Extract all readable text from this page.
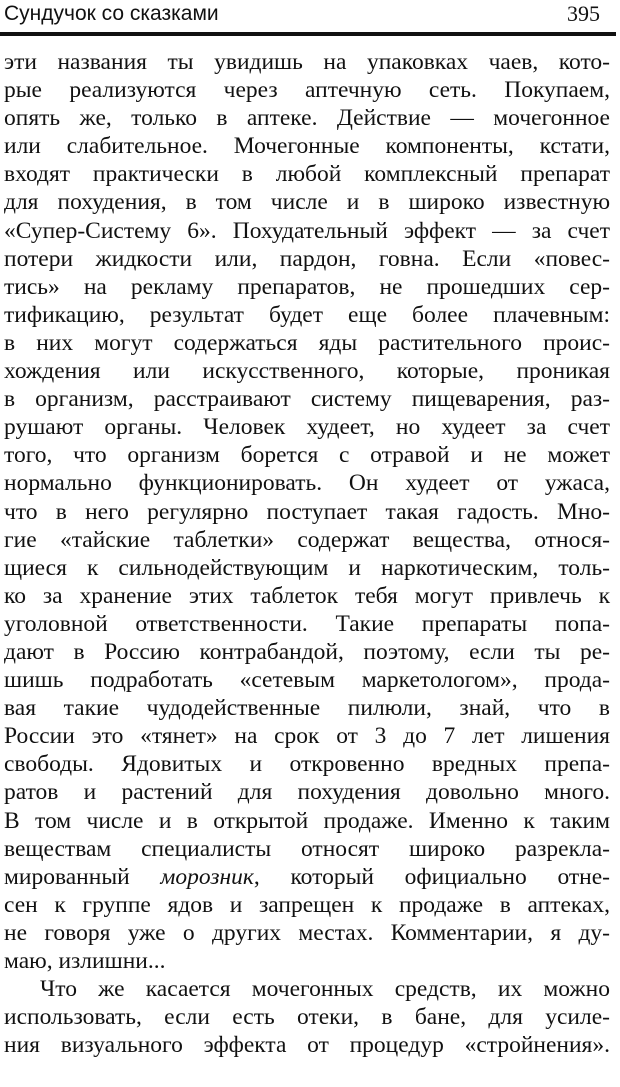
Сундучок со сказками	395
эти названия ты увидишь на упаковках чаев, кото-
рые реализуются через аптечную сеть. Покупаем,
опять же, только в аптеке. Действие — мочегонное
или слабительное. Мочегонные компоненты, кстати,
входят практически в любой комплексный препарат
для похудения, в том числе и в широко известную
«Супер-Систему 6». Похудательный эффект — за счет
потери жидкости или, пардон, говна. Если «повес-
тись» на рекламу препаратов, не прошедших сер-
тификацию, результат будет еще более плачевным:
в них могут содержаться яды растительного проис-
хождения или искусственного, которые, проникая
в организм, расстраивают систему пищеварения, раз-
рушают органы. Человек худеет, но худеет за счет
того, что организм борется с отравой и не может
нормально функционировать. Он худеет от ужаса,
что в него регулярно поступает такая гадость. Мно-
гие «тайские таблетки» содержат вещества, относя-
щиеся к сильнодействующим и наркотическим, толь-
ко за хранение этих таблеток тебя могут привлечь к
уголовной ответственности. Такие препараты попа-
дают в Россию контрабандой, поэтому, если ты ре-
шишь подработать «сетевым маркетологом», прода-
вая такие чудодейственные пилюли, знай, что в
России это «тянет» на срок от 3 до 7 лет лишения
свободы. Ядовитых и откровенно вредных препа-
ратов и растений для похудения довольно много.
В том числе и в открытой продаже. Именно к таким
веществам специалисты относят широко разрекла-
мированный морозник, который официально отне-
сен к группе ядов и запрещен к продаже в аптеках,
не говоря уже о других местах. Комментарии, я ду-
маю, излишни...
Что же касается мочегонных средств, их можно
использовать, если есть отеки, в бане, для усиле-
ния визуального эффекта от процедур «стройнения».
